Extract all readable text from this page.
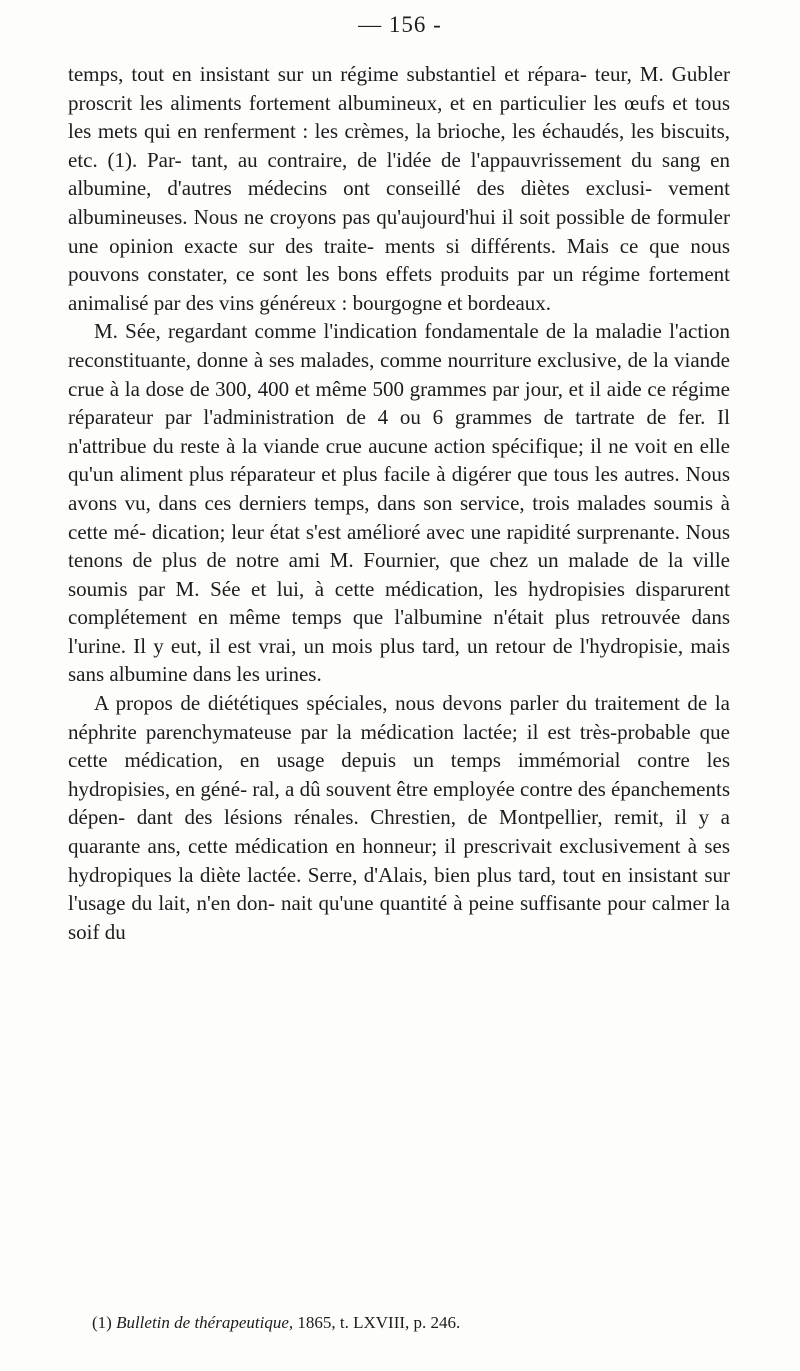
— 156 -

temps, tout en insistant sur un régime substantiel et répara- teur, M. Gubler proscrit les aliments fortement albumineux, et en particulier les œufs et tous les mets qui en renferment : les crèmes, la brioche, les échaudés, les biscuits, etc. (1). Par- tant, au contraire, de l'idée de l'appauvrissement du sang en albumine, d'autres médecins ont conseillé des diètes exclusi- vement albumineuses. Nous ne croyons pas qu'aujourd'hui il soit possible de formuler une opinion exacte sur des traite- ments si différents. Mais ce que nous pouvons constater, ce sont les bons effets produits par un régime fortement animalisé par des vins généreux : bourgogne et bordeaux.

M. Sée, regardant comme l'indication fondamentale de la maladie l'action reconstituante, donne à ses malades, comme nourriture exclusive, de la viande crue à la dose de 300, 400 et même 500 grammes par jour, et il aide ce régime réparateur par l'administration de 4 ou 6 grammes de tartrate de fer. Il n'attribue du reste à la viande crue aucune action spécifique; il ne voit en elle qu'un aliment plus réparateur et plus facile à digérer que tous les autres. Nous avons vu, dans ces derniers temps, dans son service, trois malades soumis à cette mé- dication; leur état s'est amélioré avec une rapidité surprenante. Nous tenons de plus de notre ami M. Fournier, que chez un malade de la ville soumis par M. Sée et lui, à cette médication, les hydropisies disparurent complétement en même temps que l'albumine n'était plus retrouvée dans l'urine. Il y eut, il est vrai, un mois plus tard, un retour de l'hydropisie, mais sans albumine dans les urines.

A propos de diététiques spéciales, nous devons parler du traitement de la néphrite parenchymateuse par la médication lactée; il est très-probable que cette médication, en usage depuis un temps immémorial contre les hydropisies, en géné- ral, a dû souvent être employée contre des épanchements dépen- dant des lésions rénales. Chrestien, de Montpellier, remit, il y a quarante ans, cette médication en honneur; il prescrivait exclusivement à ses hydropiques la diète lactée. Serre, d'Alais, bien plus tard, tout en insistant sur l'usage du lait, n'en don- nait qu'une quantité à peine suffisante pour calmer la soif du

(1) Bulletin de thérapeutique, 1865, t. LXVIII, p. 246.
